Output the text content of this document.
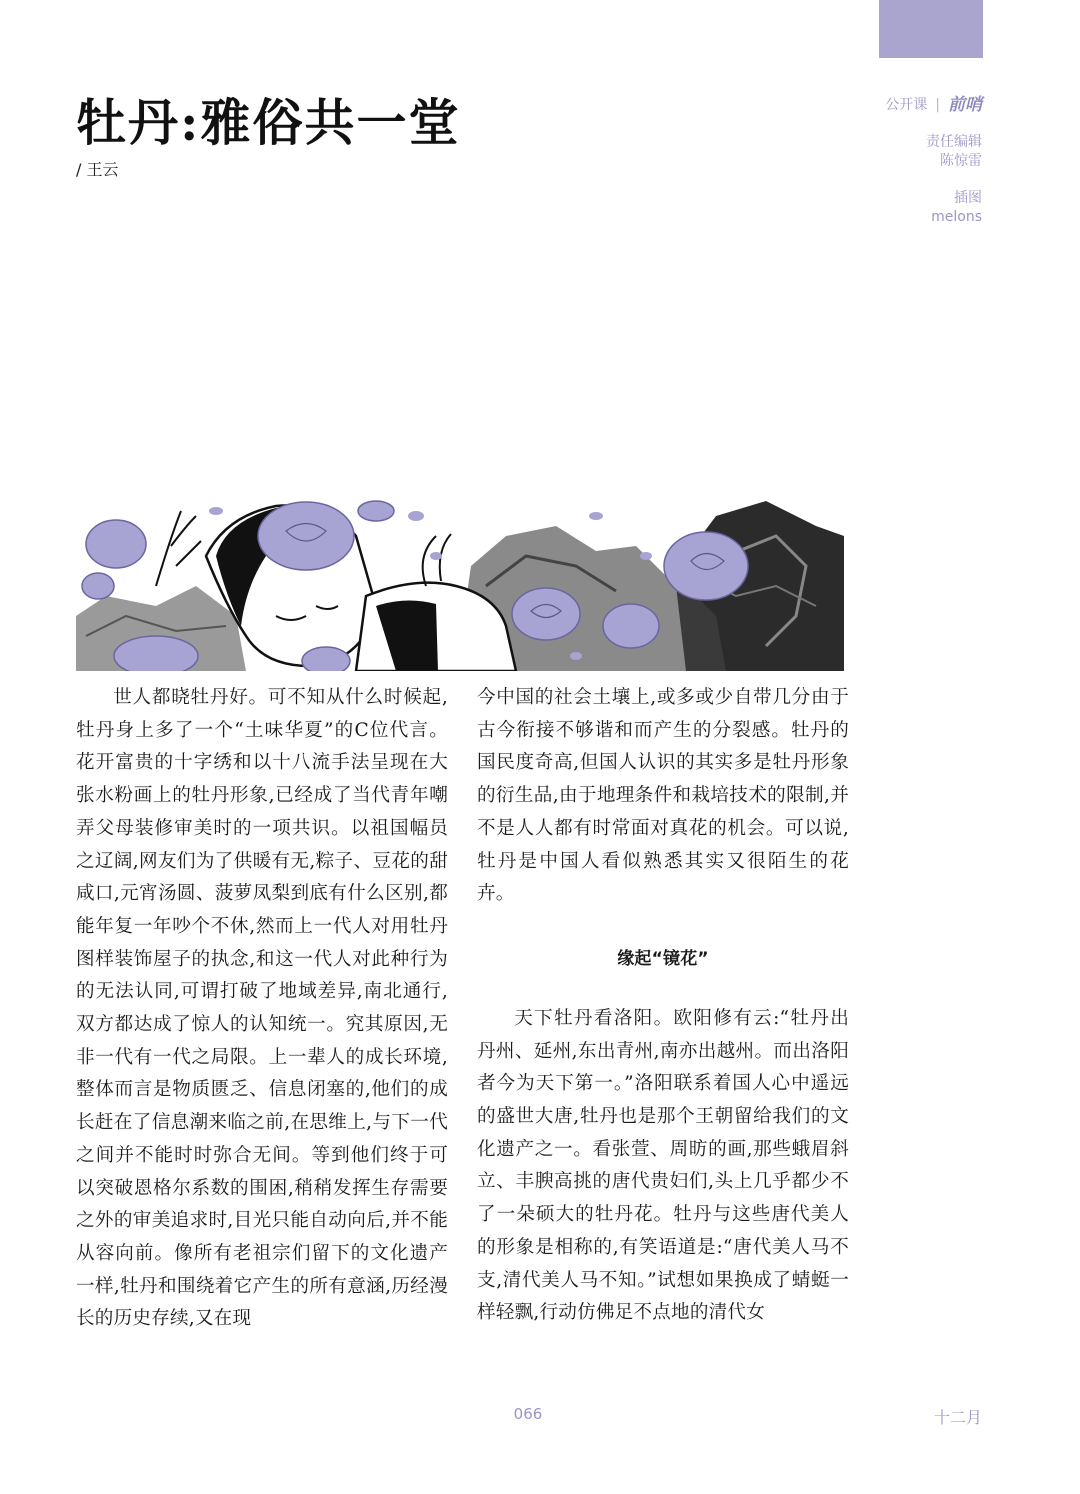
牡丹:雅俗共一堂
/ 王云
公开课 | 前哨
责任编辑
陈惊雷
插图
melons

世人都晓牡丹好。可不知从什么时候起,牡丹身上多了一个“土味华夏”的C位代言。花开富贵的十字绣和以十八流手法呈现在大张水粉画上的牡丹形象,已经成了当代青年嘲弄父母装修审美时的一项共识。以祖国幅员之辽阔,网友们为了供暖有无,粽子、豆花的甜咸口,元宵汤圆、菠萝凤梨到底有什么区别,都能年复一年吵个不休,然而上一代人对用牡丹图样装饰屋子的执念,和这一代人对此种行为的无法认同,可谓打破了地域差异,南北通行,双方都达成了惊人的认知统一。究其原因,无非一代有一代之局限。上一辈人的成长环境,整体而言是物质匮乏、信息闭塞的,他们的成长赶在了信息潮来临之前,在思维上,与下一代之间并不能时时弥合无间。等到他们终于可以突破恩格尔系数的围困,稍稍发挥生存需要之外的审美追求时,目光只能自动向后,并不能从容向前。像所有老祖宗们留下的文化遗产一样,牡丹和围绕着它产生的所有意涵,历经漫长的历史存续,又在现

今中国的社会土壤上,或多或少自带几分由于古今衔接不够谐和而产生的分裂感。牡丹的国民度奇高,但国人认识的其实多是牡丹形象的衍生品,由于地理条件和栽培技术的限制,并不是人人都有时常面对真花的机会。可以说,牡丹是中国人看似熟悉其实又很陌生的花卉。

缘起“镜花”

天下牡丹看洛阳。欧阳修有云:“牡丹出丹州、延州,东出青州,南亦出越州。而出洛阳者今为天下第一。”洛阳联系着国人心中遥远的盛世大唐,牡丹也是那个王朝留给我们的文化遗产之一。看张萱、周昉的画,那些蛾眉斜立、丰腴高挑的唐代贵妇们,头上几乎都少不了一朵硕大的牡丹花。牡丹与这些唐代美人的形象是相称的,有笑语道是:“唐代美人马不支,清代美人马不知。”试想如果换成了蜻蜓一样轻飘,行动仿佛足不点地的清代女

066	十二月
